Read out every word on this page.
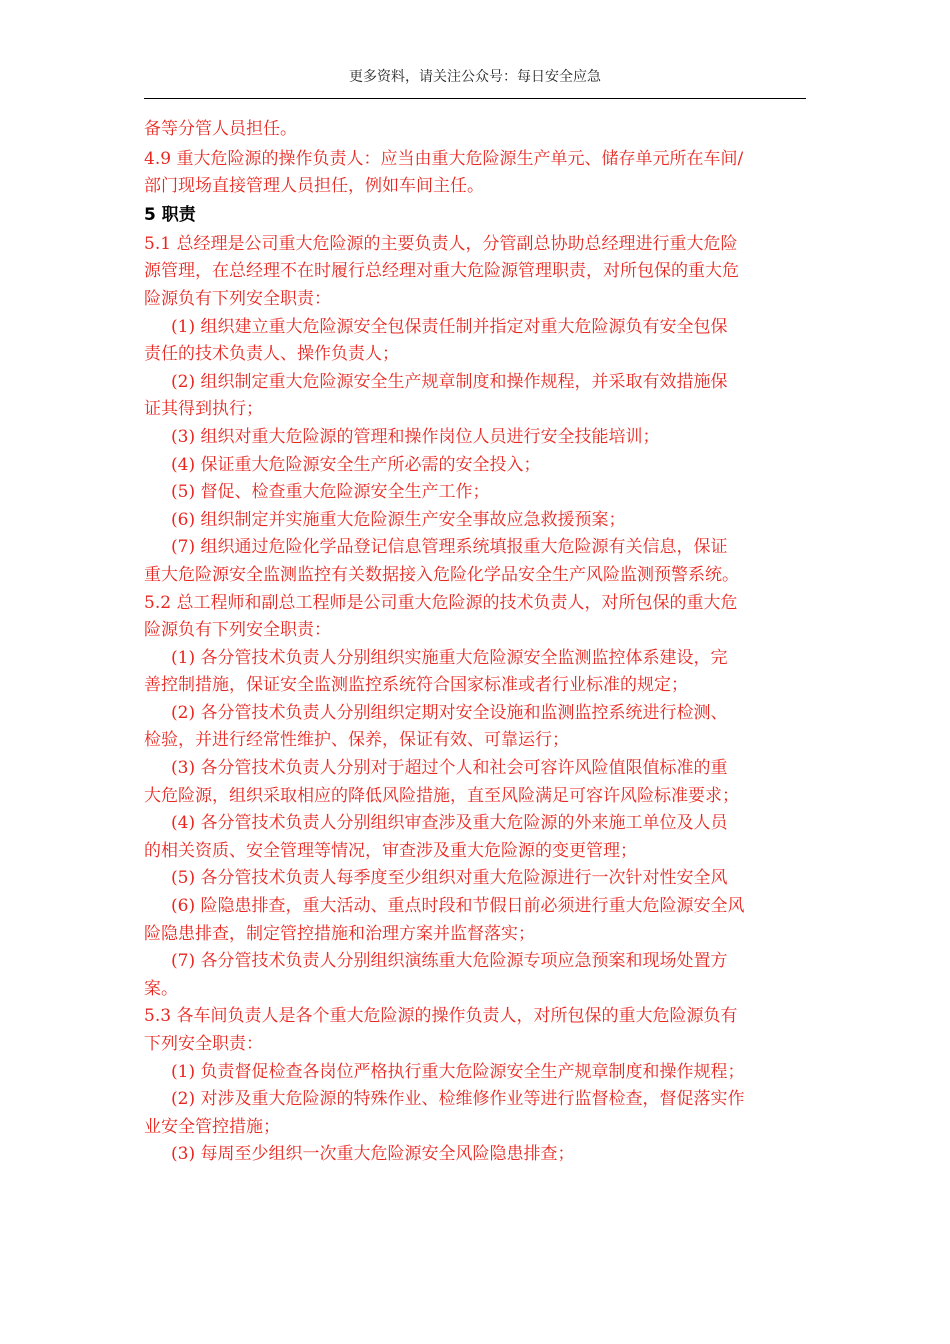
更多资料，请关注公众号：每日安全应急

备等分管人员担任。

4.9 重大危险源的操作负责人：应当由重大危险源生产单元、储存单元所在车间/

部门现场直接管理人员担任，例如车间主任。

5 职责

5.1 总经理是公司重大危险源的主要负责人，分管副总协助总经理进行重大危险

源管理，在总经理不在时履行总经理对重大危险源管理职责，对所包保的重大危

险源负有下列安全职责：

(1) 组织建立重大危险源安全包保责任制并指定对重大危险源负有安全包保

责任的技术负责人、操作负责人；

(2) 组织制定重大危险源安全生产规章制度和操作规程，并采取有效措施保

证其得到执行；

(3) 组织对重大危险源的管理和操作岗位人员进行安全技能培训；

(4) 保证重大危险源安全生产所必需的安全投入；

(5) 督促、检查重大危险源安全生产工作；

(6) 组织制定并实施重大危险源生产安全事故应急救援预案；

(7) 组织通过危险化学品登记信息管理系统填报重大危险源有关信息，保证

重大危险源安全监测监控有关数据接入危险化学品安全生产风险监测预警系统。

5.2 总工程师和副总工程师是公司重大危险源的技术负责人，对所包保的重大危

险源负有下列安全职责：

(1) 各分管技术负责人分别组织实施重大危险源安全监测监控体系建设，完

善控制措施，保证安全监测监控系统符合国家标准或者行业标准的规定；

(2) 各分管技术负责人分别组织定期对安全设施和监测监控系统进行检测、

检验，并进行经常性维护、保养，保证有效、可靠运行；

(3) 各分管技术负责人分别对于超过个人和社会可容许风险值限值标准的重

大危险源，组织采取相应的降低风险措施，直至风险满足可容许风险标准要求；

(4) 各分管技术负责人分别组织审查涉及重大危险源的外来施工单位及人员

的相关资质、安全管理等情况，审查涉及重大危险源的变更管理；

(5) 各分管技术负责人每季度至少组织对重大危险源进行一次针对性安全风

(6) 险隐患排查，重大活动、重点时段和节假日前必须进行重大危险源安全风

险隐患排查，制定管控措施和治理方案并监督落实；

(7) 各分管技术负责人分别组织演练重大危险源专项应急预案和现场处置方

案。

5.3 各车间负责人是各个重大危险源的操作负责人，对所包保的重大危险源负有

下列安全职责：

(1) 负责督促检查各岗位严格执行重大危险源安全生产规章制度和操作规程；

(2) 对涉及重大危险源的特殊作业、检维修作业等进行监督检查，督促落实作

业安全管控措施；

(3) 每周至少组织一次重大危险源安全风险隐患排查；
